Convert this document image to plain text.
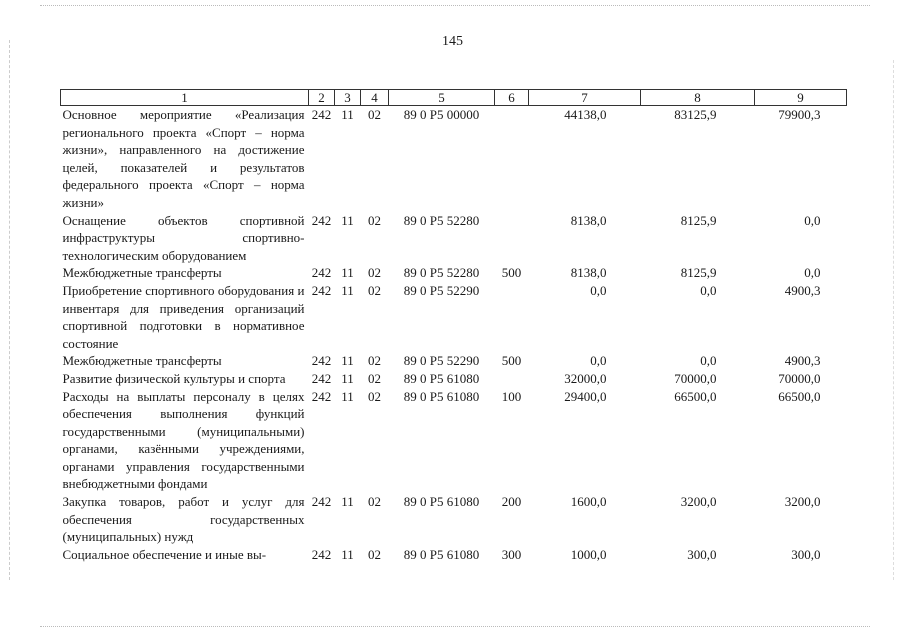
145
1	2	3	4	5	6	7	8	9
Основное мероприятие «Реализация регионального проекта «Спорт – норма жизни», направленного на достижение целей, показателей и результатов федерального проекта «Спорт – норма жизни»	242	11	02	89 0 Р5 00000		44138,0	83125,9	79900,3
Оснащение объектов спортивной инфраструктуры спортивно-технологическим оборудованием	242	11	02	89 0 Р5 52280		8138,0	8125,9	0,0
Межбюджетные трансферты	242	11	02	89 0 Р5 52280	500	8138,0	8125,9	0,0
Приобретение спортивного оборудования и инвентаря для приведения организаций спортивной подготовки в нормативное состояние	242	11	02	89 0 Р5 52290		0,0	0,0	4900,3
Межбюджетные трансферты	242	11	02	89 0 Р5 52290	500	0,0	0,0	4900,3
Развитие физической культуры и спорта	242	11	02	89 0 Р5 61080		32000,0	70000,0	70000,0
Расходы на выплаты персоналу в целях обеспечения выполнения функций государственными (муниципальными) органами, казёнными учреждениями, органами управления государственными внебюджетными фондами	242	11	02	89 0 Р5 61080	100	29400,0	66500,0	66500,0
Закупка товаров, работ и услуг для обеспечения государственных (муниципальных) нужд	242	11	02	89 0 Р5 61080	200	1600,0	3200,0	3200,0
Социальное обеспечение и иные вы-	242	11	02	89 0 Р5 61080	300	1000,0	300,0	300,0
